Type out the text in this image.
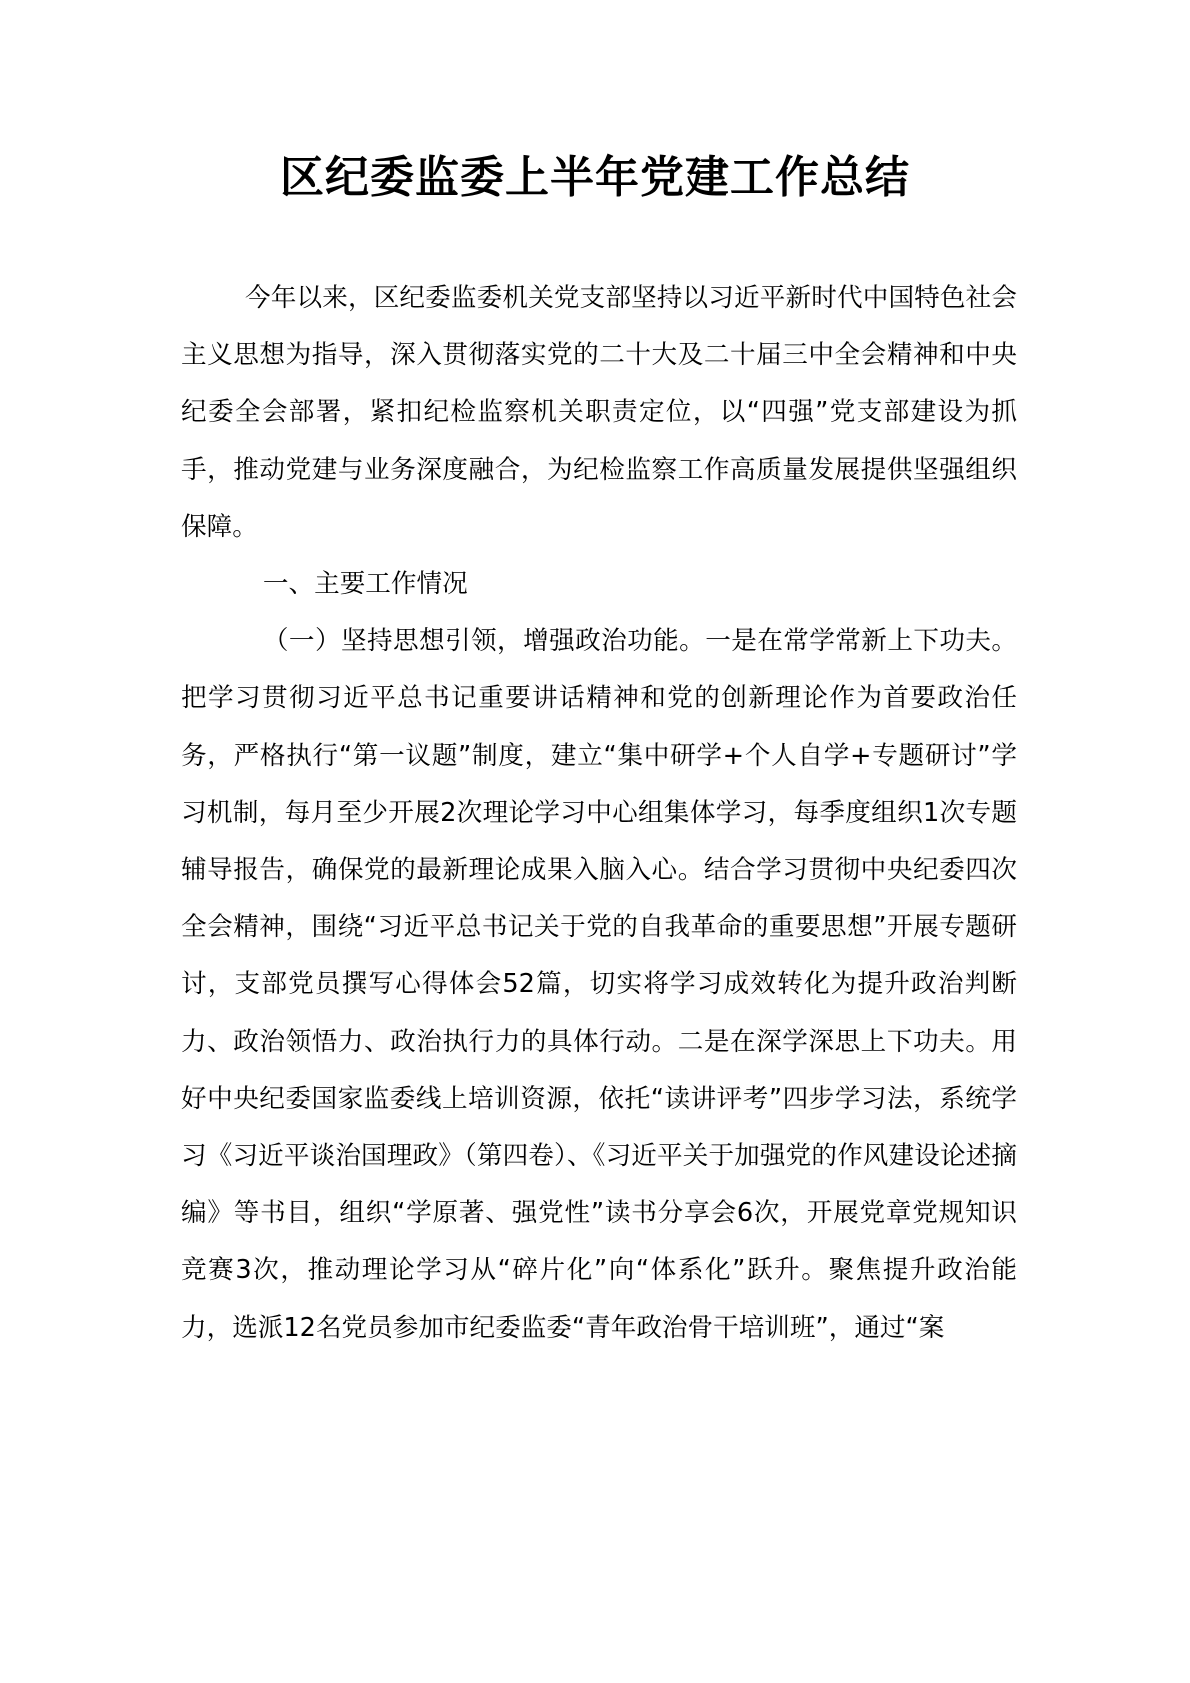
区纪委监委上半年党建工作总结

今年以来，区纪委监委机关党支部坚持以习近平新时代中国特色社会主义思想为指导，深入贯彻落实党的二十大及二十届三中全会精神和中央纪委全会部署，紧扣纪检监察机关职责定位，以“四强”党支部建设为抓手，推动党建与业务深度融合，为纪检监察工作高质量发展提供坚强组织保障。

一、主要工作情况

（一）坚持思想引领，增强政治功能。一是在常学常新上下功夫。把学习贯彻习近平总书记重要讲话精神和党的创新理论作为首要政治任务，严格执行“第一议题”制度，建立“集中研学+个人自学+专题研讨”学习机制，每月至少开展2次理论学习中心组集体学习，每季度组织1次专题辅导报告，确保党的最新理论成果入脑入心。结合学习贯彻中央纪委四次全会精神，围绕“习近平总书记关于党的自我革命的重要思想”开展专题研讨，支部党员撰写心得体会52篇，切实将学习成效转化为提升政治判断力、政治领悟力、政治执行力的具体行动。二是在深学深思上下功夫。用好中央纪委国家监委线上培训资源，依托“读讲评考”四步学习法，系统学习《习近平谈治国理政》（第四卷）、《习近平关于加强党的作风建设论述摘编》等书目，组织“学原著、强党性”读书分享会6次，开展党章党规知识竞赛3次，推动理论学习从“碎片化”向“体系化”跃升。聚焦提升政治能力，选派12名党员参加市纪委监委“青年政治骨干培训班”，通过“案
